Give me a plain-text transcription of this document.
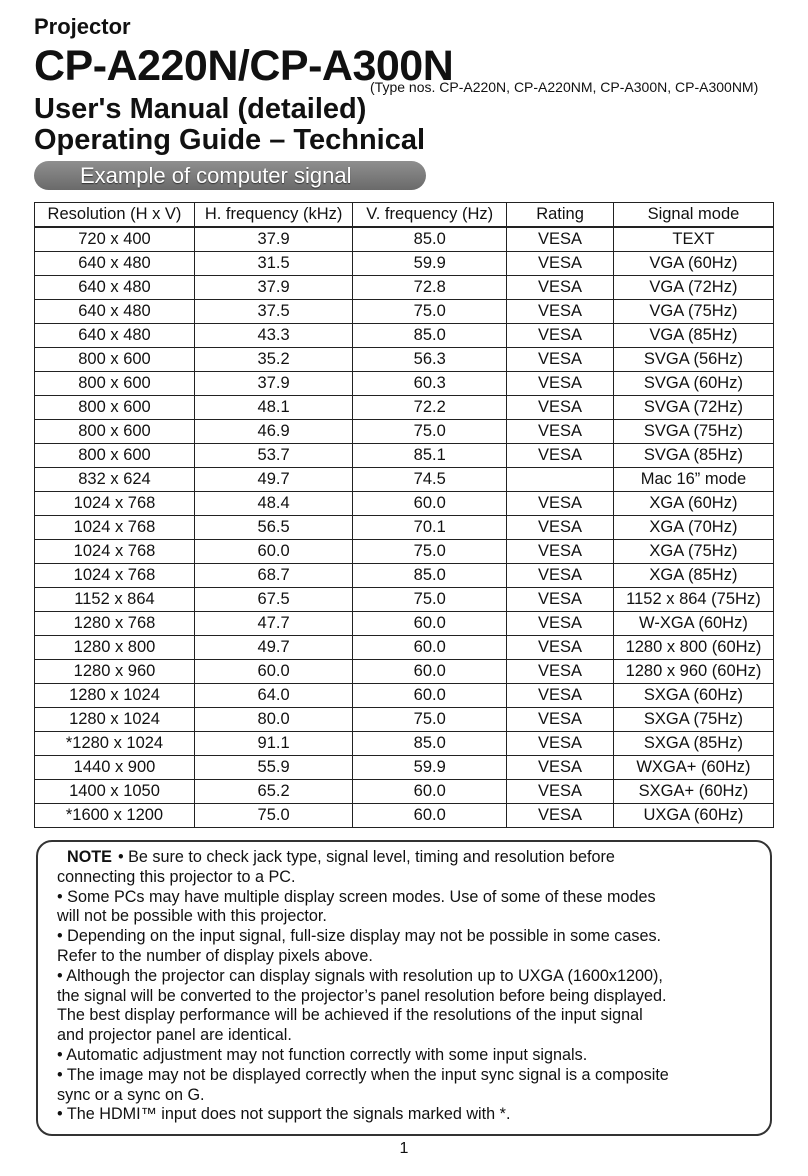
Projector
CP-A220N/CP-A300N
(Type nos. CP-A220N, CP-A220NM, CP-A300N, CP-A300NM)
User's Manual (detailed)
Operating Guide – Technical
Example of computer signal
Resolution (H x V)	H. frequency (kHz)	V. frequency (Hz)	Rating	Signal mode
720 x 400	37.9	85.0	VESA	TEXT
640 x 480	31.5	59.9	VESA	VGA (60Hz)
640 x 480	37.9	72.8	VESA	VGA (72Hz)
640 x 480	37.5	75.0	VESA	VGA (75Hz)
640 x 480	43.3	85.0	VESA	VGA (85Hz)
800 x 600	35.2	56.3	VESA	SVGA (56Hz)
800 x 600	37.9	60.3	VESA	SVGA (60Hz)
800 x 600	48.1	72.2	VESA	SVGA (72Hz)
800 x 600	46.9	75.0	VESA	SVGA (75Hz)
800 x 600	53.7	85.1	VESA	SVGA (85Hz)
832 x 624	49.7	74.5		Mac 16” mode
1024 x 768	48.4	60.0	VESA	XGA (60Hz)
1024 x 768	56.5	70.1	VESA	XGA (70Hz)
1024 x 768	60.0	75.0	VESA	XGA (75Hz)
1024 x 768	68.7	85.0	VESA	XGA (85Hz)
1152 x 864	67.5	75.0	VESA	1152 x 864 (75Hz)
1280 x 768	47.7	60.0	VESA	W-XGA (60Hz)
1280 x 800	49.7	60.0	VESA	1280 x 800 (60Hz)
1280 x 960	60.0	60.0	VESA	1280 x 960 (60Hz)
1280 x 1024	64.0	60.0	VESA	SXGA (60Hz)
1280 x 1024	80.0	75.0	VESA	SXGA (75Hz)
*1280 x 1024	91.1	85.0	VESA	SXGA (85Hz)
1440 x 900	55.9	59.9	VESA	WXGA+ (60Hz)
1400 x 1050	65.2	60.0	VESA	SXGA+ (60Hz)
*1600 x 1200	75.0	60.0	VESA	UXGA (60Hz)
NOTE • Be sure to check jack type, signal level, timing and resolution before
connecting this projector to a PC.
• Some PCs may have multiple display screen modes. Use of some of these modes
will not be possible with this projector.
• Depending on the input signal, full-size display may not be possible in some cases.
Refer to the number of display pixels above.
• Although the projector can display signals with resolution up to UXGA (1600x1200),
the signal will be converted to the projector’s panel resolution before being displayed.
The best display performance will be achieved if the resolutions of the input signal
and projector panel are identical.
• Automatic adjustment may not function correctly with some input signals.
• The image may not be displayed correctly when the input sync signal is a composite
sync or a sync on G.
• The HDMI™ input does not support the signals marked with *.
1
